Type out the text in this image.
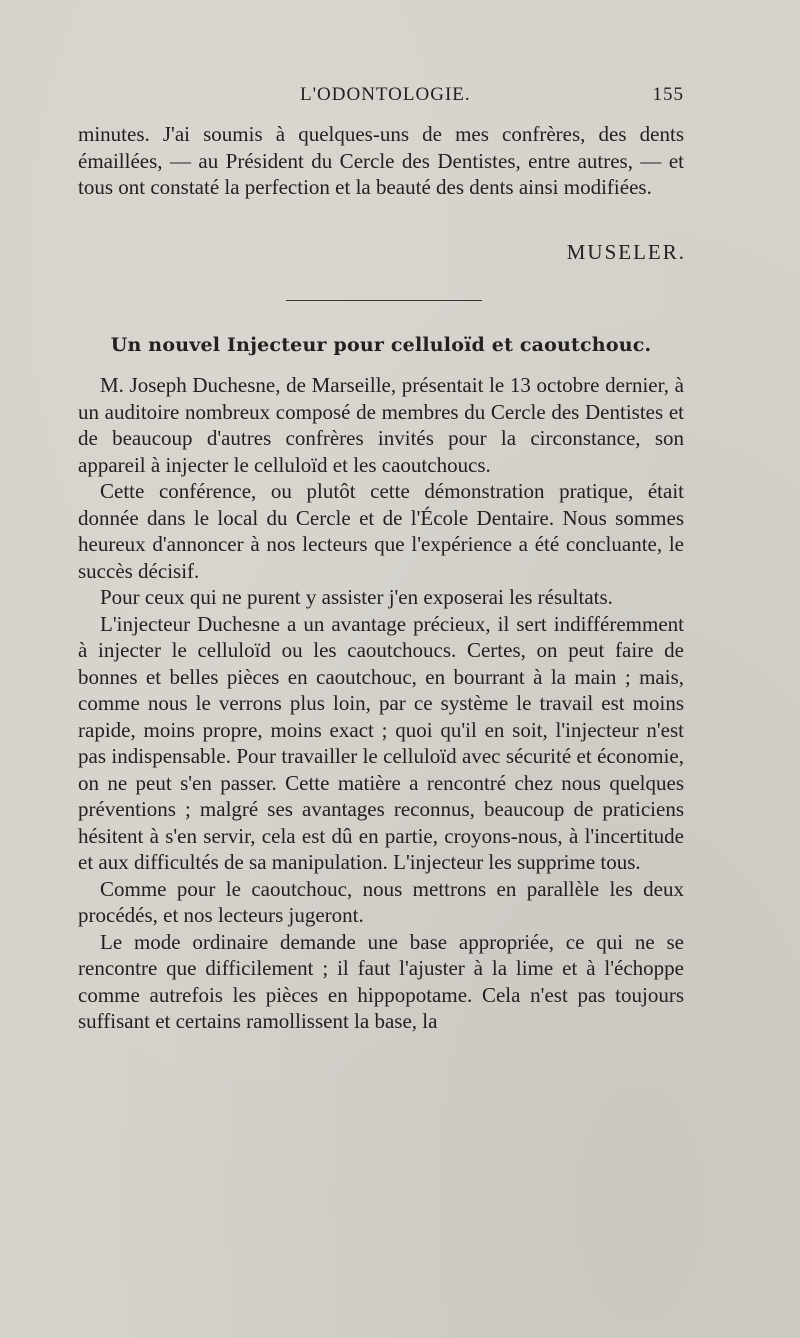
L'ODONTOLOGIE.	155

minutes. J'ai soumis à quelques-uns de mes confrères, des dents émaillées, — au Président du Cercle des Dentistes, entre autres, — et tous ont constaté la perfection et la beauté des dents ainsi modifiées.

MUSELER.
Un nouvel Injecteur pour celluloïd et caoutchouc.

M. Joseph Duchesne, de Marseille, présentait le 13 octobre dernier, à un auditoire nombreux composé de membres du Cercle des Dentistes et de beaucoup d'autres confrères invités pour la circonstance, son appareil à injecter le celluloïd et les caoutchoucs.

Cette conférence, ou plutôt cette démonstration pratique, était donnée dans le local du Cercle et de l'École Dentaire. Nous sommes heureux d'annoncer à nos lecteurs que l'expérience a été concluante, le succès décisif.

Pour ceux qui ne purent y assister j'en exposerai les résultats.

L'injecteur Duchesne a un avantage précieux, il sert indifféremment à injecter le celluloïd ou les caoutchoucs. Certes, on peut faire de bonnes et belles pièces en caoutchouc, en bourrant à la main ; mais, comme nous le verrons plus loin, par ce système le travail est moins rapide, moins propre, moins exact ; quoi qu'il en soit, l'injecteur n'est pas indispensable. Pour travailler le celluloïd avec sécurité et économie, on ne peut s'en passer. Cette matière a rencontré chez nous quelques préventions ; malgré ses avantages reconnus, beaucoup de praticiens hésitent à s'en servir, cela est dû en partie, croyons-nous, à l'incertitude et aux difficultés de sa manipulation. L'injecteur les supprime tous.

Comme pour le caoutchouc, nous mettrons en parallèle les deux procédés, et nos lecteurs jugeront.

Le mode ordinaire demande une base appropriée, ce qui ne se rencontre que difficilement ; il faut l'ajuster à la lime et à l'échoppe comme autrefois les pièces en hippopotame. Cela n'est pas toujours suffisant et certains ramollissent la base, la
